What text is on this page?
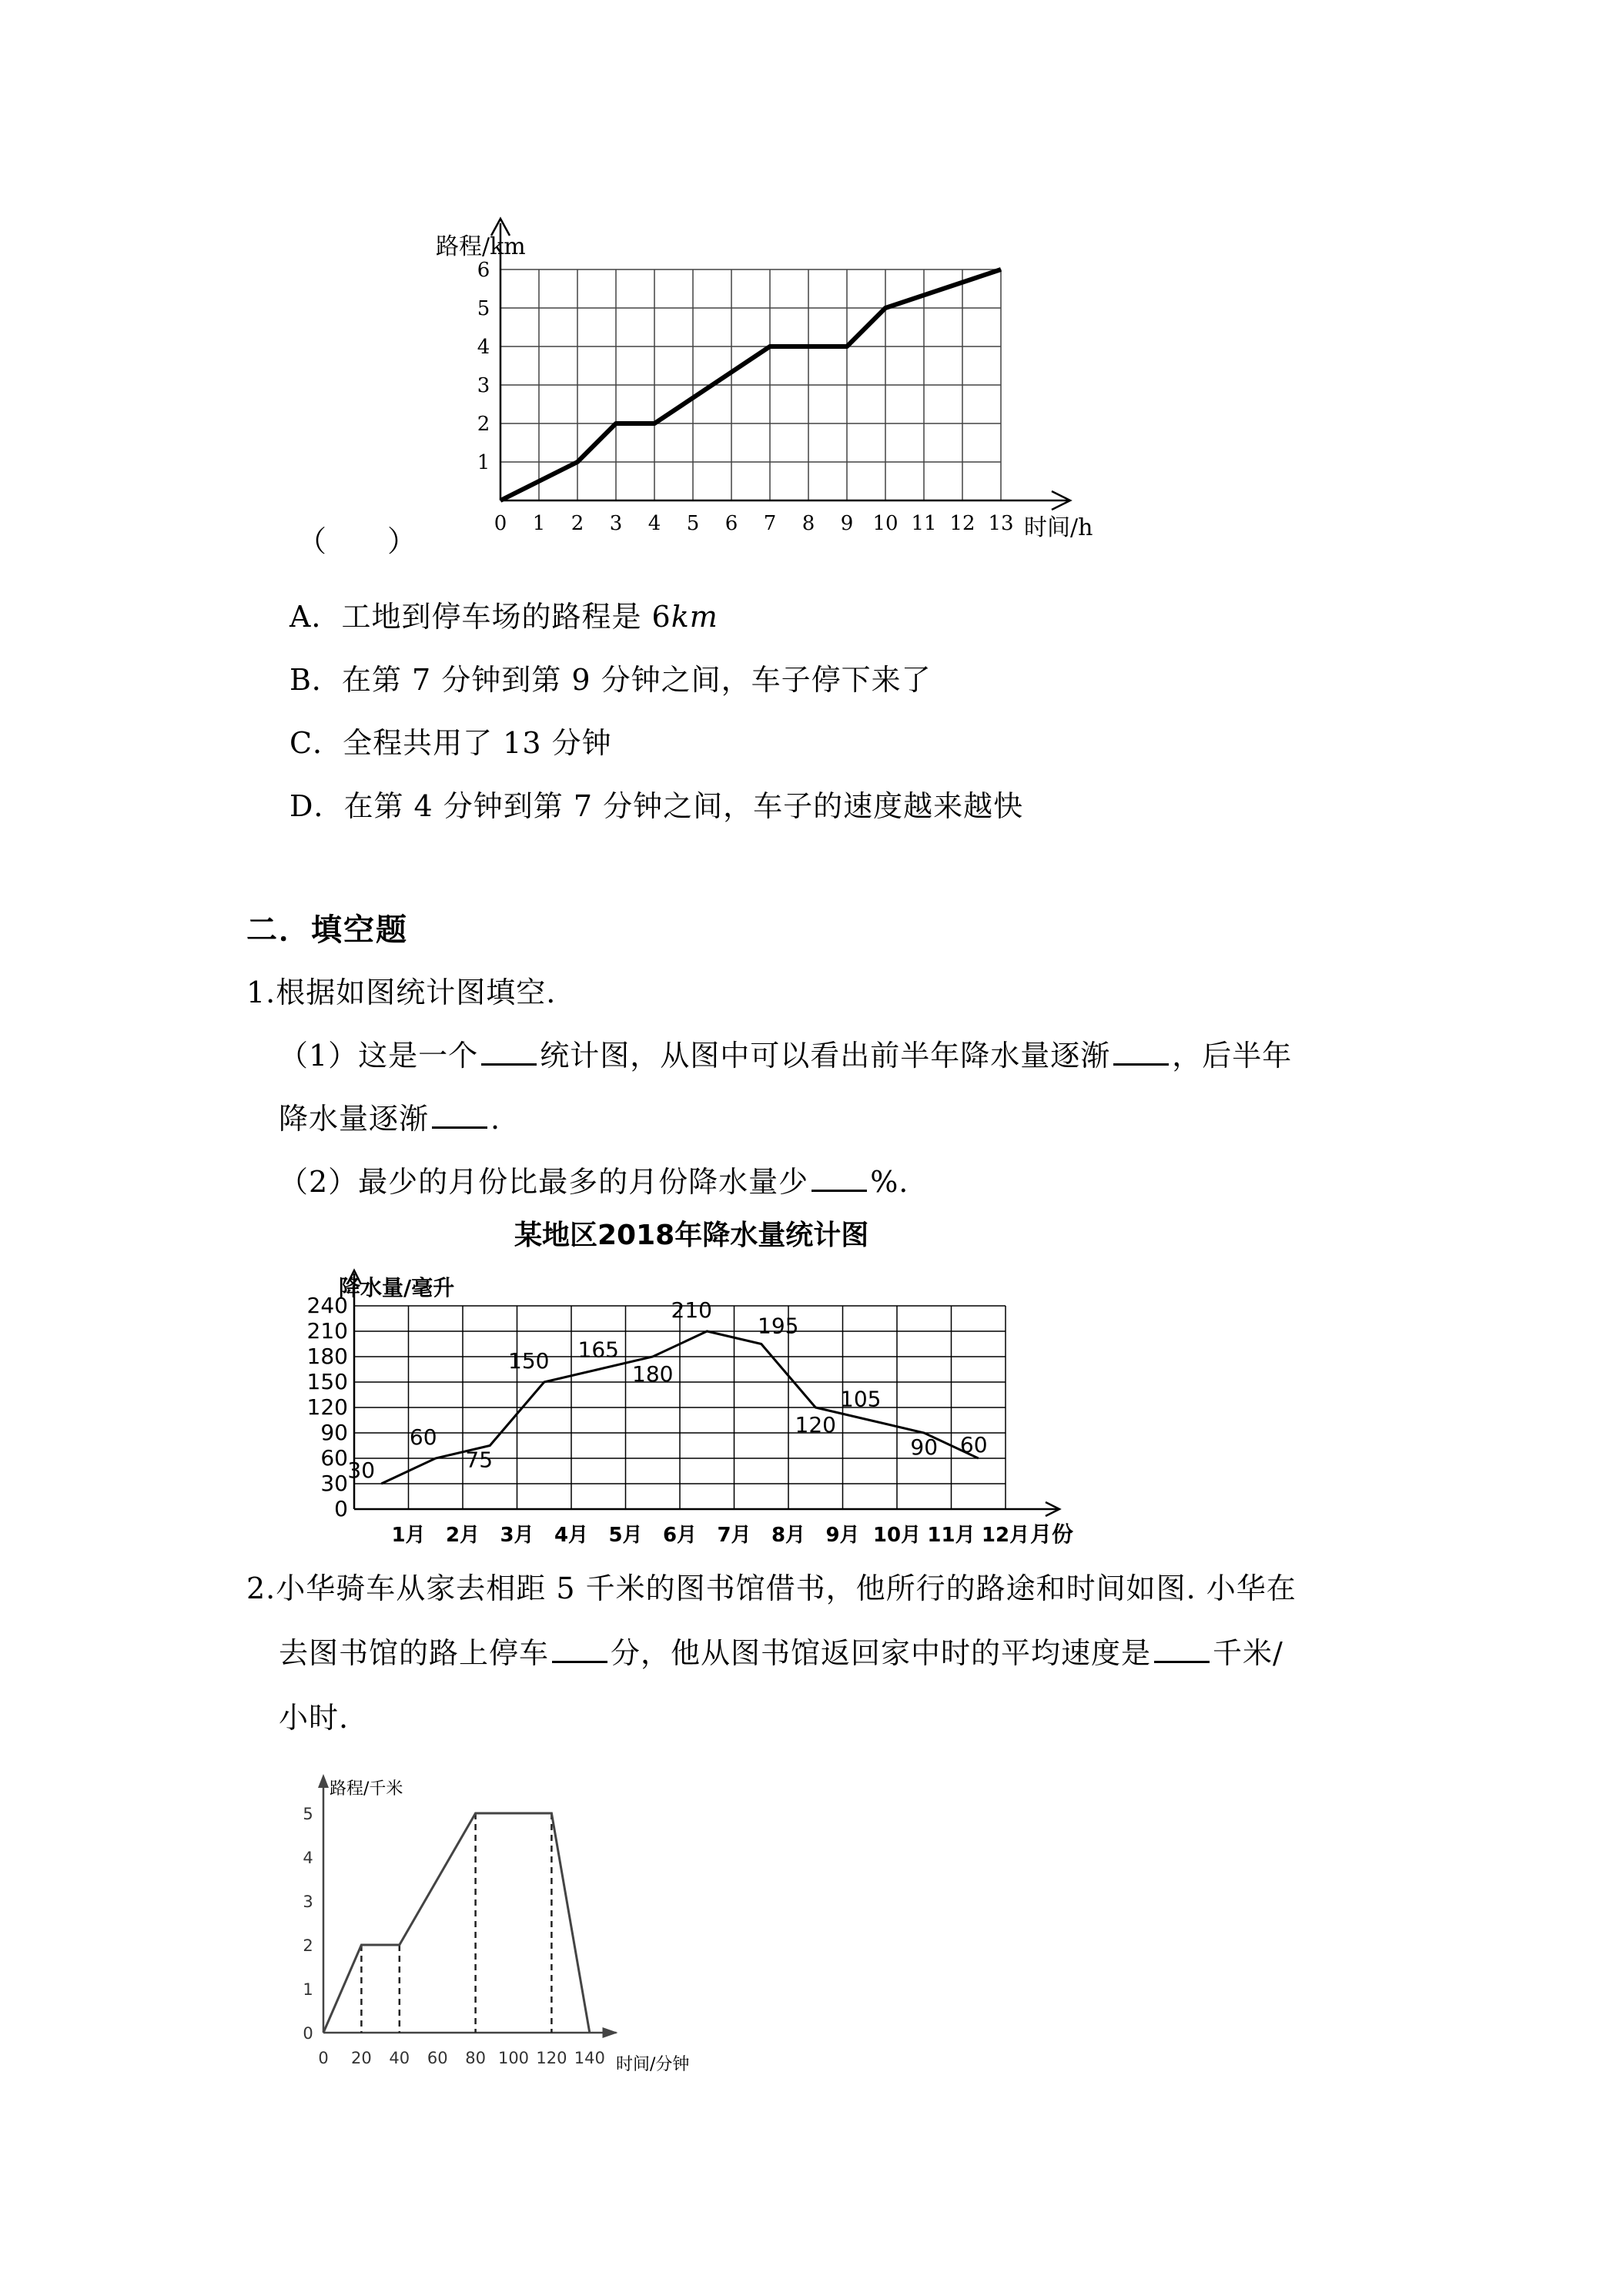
0 1 2 3 4 5 6 7 8 9 10 11 12 13
1
2
3
4
5
6
路程/km
时间/h
（　　）
A．工地到停车场的路程是 6km
B．在第 7 分钟到第 9 分钟之间，车子停下来了
C．全程共用了 13 分钟
D．在第 4 分钟到第 7 分钟之间，车子的速度越来越快
二．填空题
1.根据如图统计图填空.
（1）这是一个 统计图，从图中可以看出前半年降水量逐渐 ，后半年
降水量逐渐 .
（2）最少的月份比最多的月份降水量少 %.
某地区2018年降水量统计图
1月 2月 3月 4月 5月 6月 7月 8月 9月 10月 11月 12月
0
30
60
90
120
150
180
210
240
30
60
75
150 165
180
210
195
120
105
90 60
降水量/毫升
月份
2.小华骑车从家去相距 5 千米的图书馆借书，他所行的路途和时间如图. 小华在
去图书馆的路上停车 分，他从图书馆返回家中时的平均速度是 千米/
小时.
0 20 40 60 80 100 120 140
0
1
2
3
4
5
路程/千米
时间/分钟
